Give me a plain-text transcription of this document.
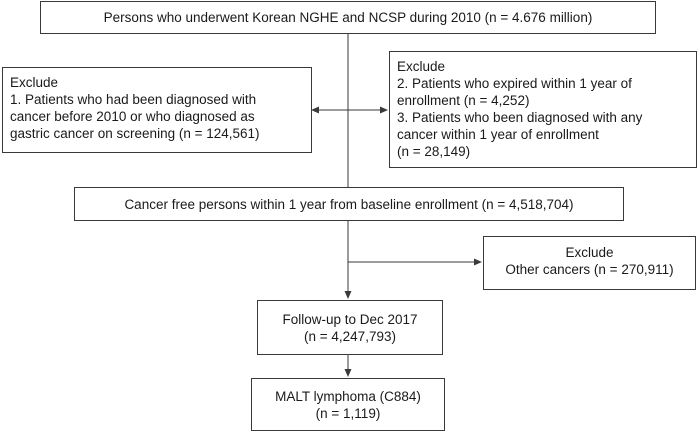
Persons who underwent Korean NGHE and NCSP during 2010 (n = 4.676 million)
Exclude
1. Patients who had been diagnosed with
cancer before 2010 or who diagnosed as
gastric cancer on screening (n = 124,561)
Exclude
2. Patients who expired within 1 year of
enrollment (n = 4,252)
3. Patients who been diagnosed with any
cancer within 1 year of enrollment
(n = 28,149)
Cancer free persons within 1 year from baseline enrollment (n = 4,518,704)
Exclude
Other cancers (n = 270,911)
Follow-up to Dec 2017
(n = 4,247,793)
MALT lymphoma (C884)
(n = 1,119)
